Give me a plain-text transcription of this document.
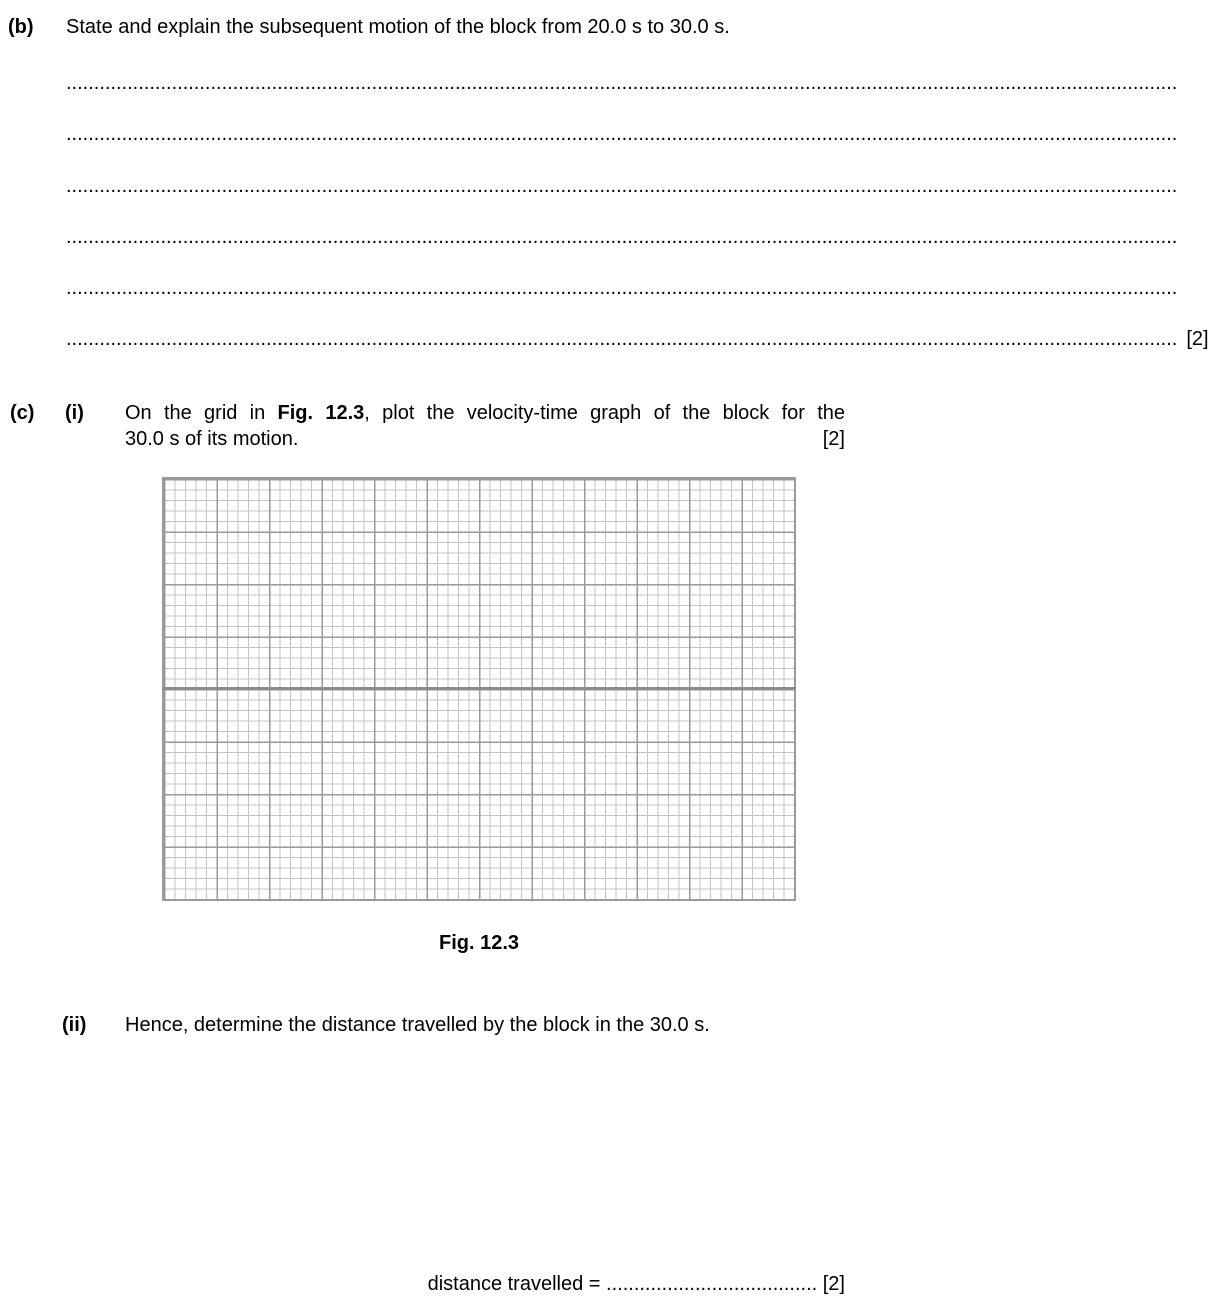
(b) State and explain the subsequent motion of the block from 20.0 s to 30.0 s.
........................................................................................................................................................................................................
........................................................................................................................................................................................................
........................................................................................................................................................................................................
........................................................................................................................................................................................................
........................................................................................................................................................................................................
........................................................................................................................................................................................................ [2]
(c) (i) On the grid in Fig. 12.3, plot the velocity-time graph of the block for the
30.0 s of its motion.	[2]
Fig. 12.3
(ii) Hence, determine the distance travelled by the block in the 30.0 s.
distance travelled = ...................................... [2]
